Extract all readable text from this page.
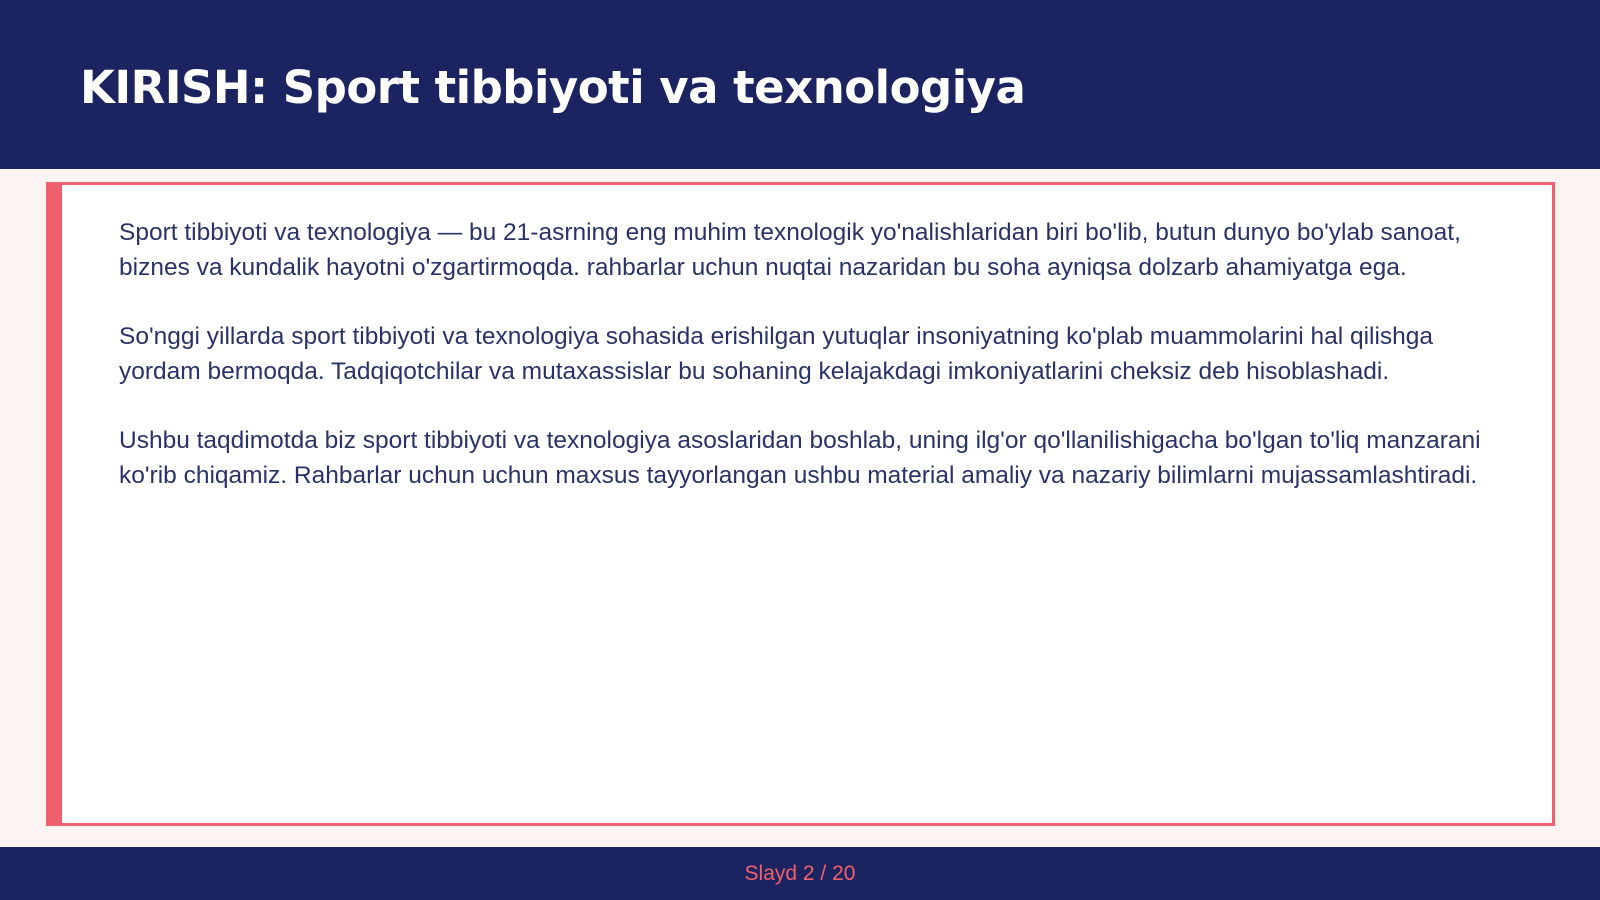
KIRISH: Sport tibbiyoti va texnologiya

Sport tibbiyoti va texnologiya — bu 21-asrning eng muhim texnologik yo'nalishlaridan biri bo'lib, butun dunyo bo'ylab sanoat, biznes va kundalik hayotni o'zgartirmoqda. rahbarlar uchun nuqtai nazaridan bu soha ayniqsa dolzarb ahamiyatga ega.

So'nggi yillarda sport tibbiyoti va texnologiya sohasida erishilgan yutuqlar insoniyatning ko'plab muammolarini hal qilishga yordam bermoqda. Tadqiqotchilar va mutaxassislar bu sohaning kelajakdagi imkoniyatlarini cheksiz deb hisoblashadi.

Ushbu taqdimotda biz sport tibbiyoti va texnologiya asoslaridan boshlab, uning ilg'or qo'llanilishigacha bo'lgan to'liq manzarani ko'rib chiqamiz. Rahbarlar uchun uchun maxsus tayyorlangan ushbu material amaliy va nazariy bilimlarni mujassamlashtiradi.

Slayd 2 / 20
